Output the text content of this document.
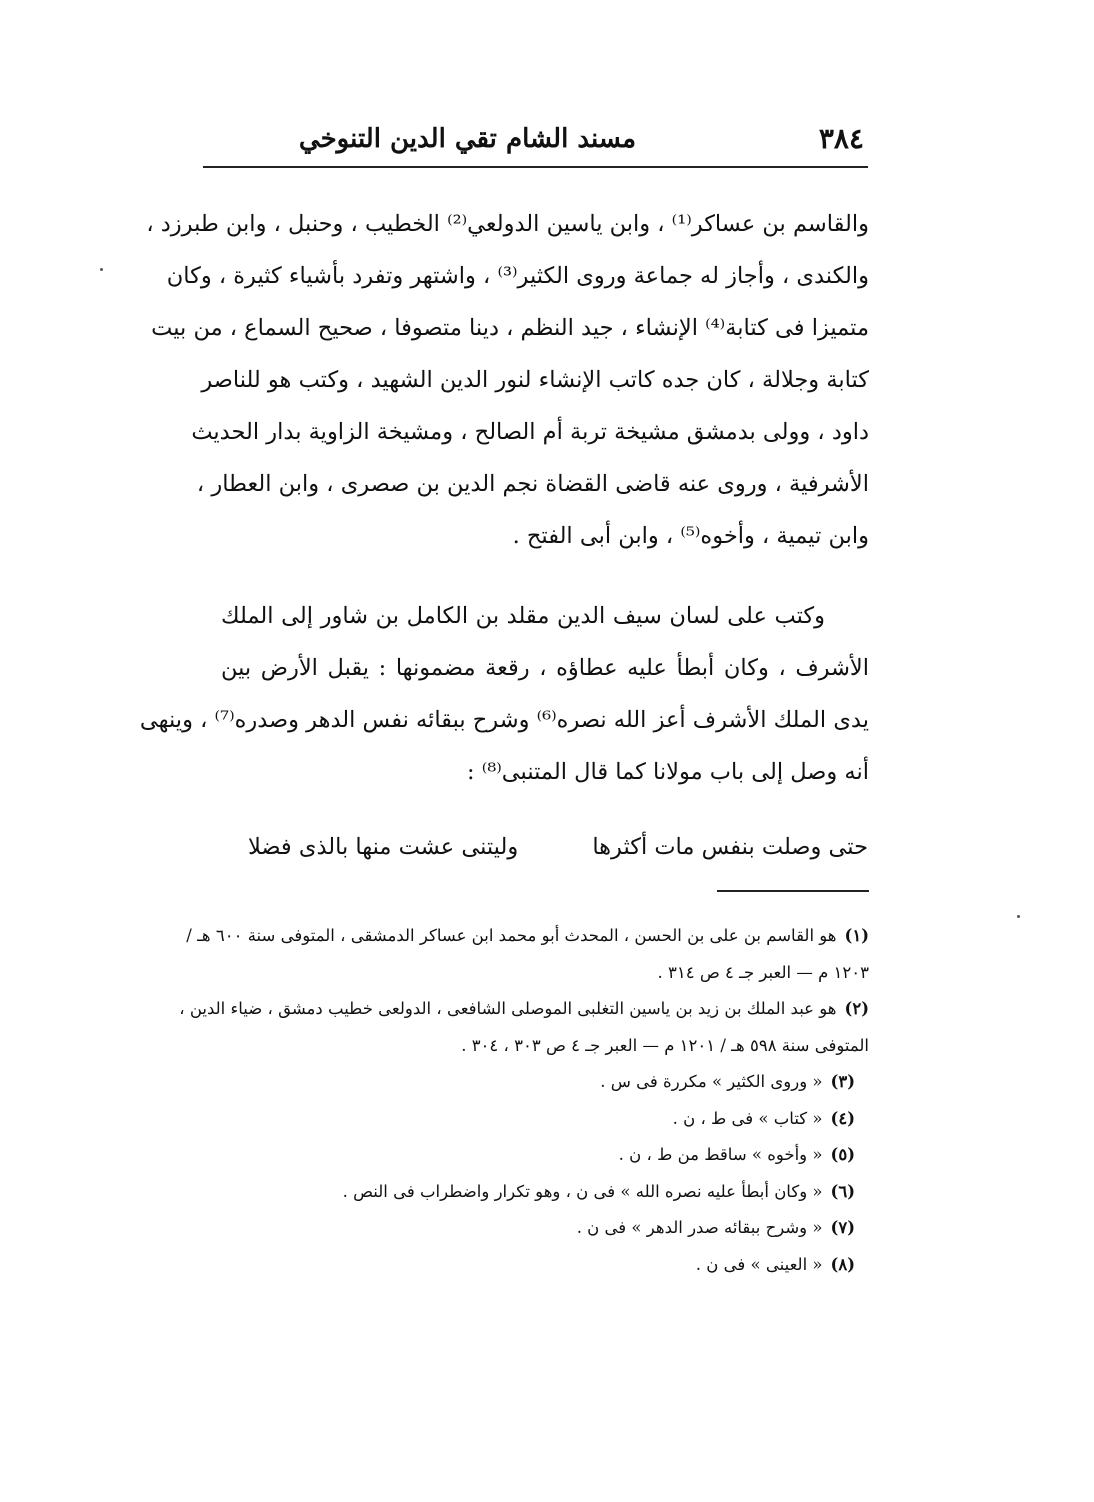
٣٨٤
مسند الشام تقي الدين التنوخي
والقاسم بن عساكر⁽¹⁾ ، وابن ياسين الدولعي⁽²⁾ الخطيب ، وحنبل ، وابن طبرزد ،
والكندى ، وأجاز له جماعة وروى الكثير⁽³⁾ ، واشتهر وتفرد بأشياء كثيرة ، وكان
متميزا فى كتابة⁽⁴⁾ الإنشاء ، جيد النظم ، دينا متصوفا ، صحيح السماع ، من بيت
كتابة وجلالة ، كان جده كاتب الإنشاء لنور الدين الشهيد ، وكتب هو للناصر
داود ، وولى بدمشق مشيخة تربة أم الصالح ، ومشيخة الزاوية بدار الحديث
الأشرفية ، وروى عنه قاضى القضاة نجم الدين بن صصرى ، وابن العطار ،
وابن تيمية ، وأخوه⁽⁵⁾ ، وابن أبى الفتح .
وكتب على لسان سيف الدين مقلد بن الكامل بن شاور إلى الملك
الأشرف ، وكان أبطأ عليه عطاؤه ، رقعة مضمونها : يقبل الأرض بين
يدى الملك الأشرف أعز الله نصره⁽⁶⁾ وشرح ببقائه نفس الدهر وصدره⁽⁷⁾ ، وينهى
أنه وصل إلى باب مولانا كما قال المتنبى⁽⁸⁾ :
حتى وصلت بنفس مات أكثرها
وليتنى عشت منها بالذى فضلا
(١)هو القاسم بن على بن الحسن ، المحدث أبو محمد ابن عساكر الدمشقى ، المتوفى سنة ٦٠٠ هـ /
١٢٠٣ م — العبر جـ ٤ ص ٣١٤ .
(٢)هو عبد الملك بن زيد بن ياسين التغلبى الموصلى الشافعى ، الدولعى خطيب دمشق ، ضياء الدين ،
المتوفى سنة ٥٩٨ هـ / ١٢٠١ م — العبر جـ ٤ ص ٣٠٣ ، ٣٠٤ .
(٣)« وروى الكثير » مكررة فى س .
(٤)« كتاب » فى ط ، ن .
(٥)« وأخوه » ساقط من ط ، ن .
(٦)« وكان أبطأ عليه نصره الله » فى ن ، وهو تكرار واضطراب فى النص .
(٧)« وشرح ببقائه صدر الدهر » فى ن .
(٨)« العينى » فى ن .
